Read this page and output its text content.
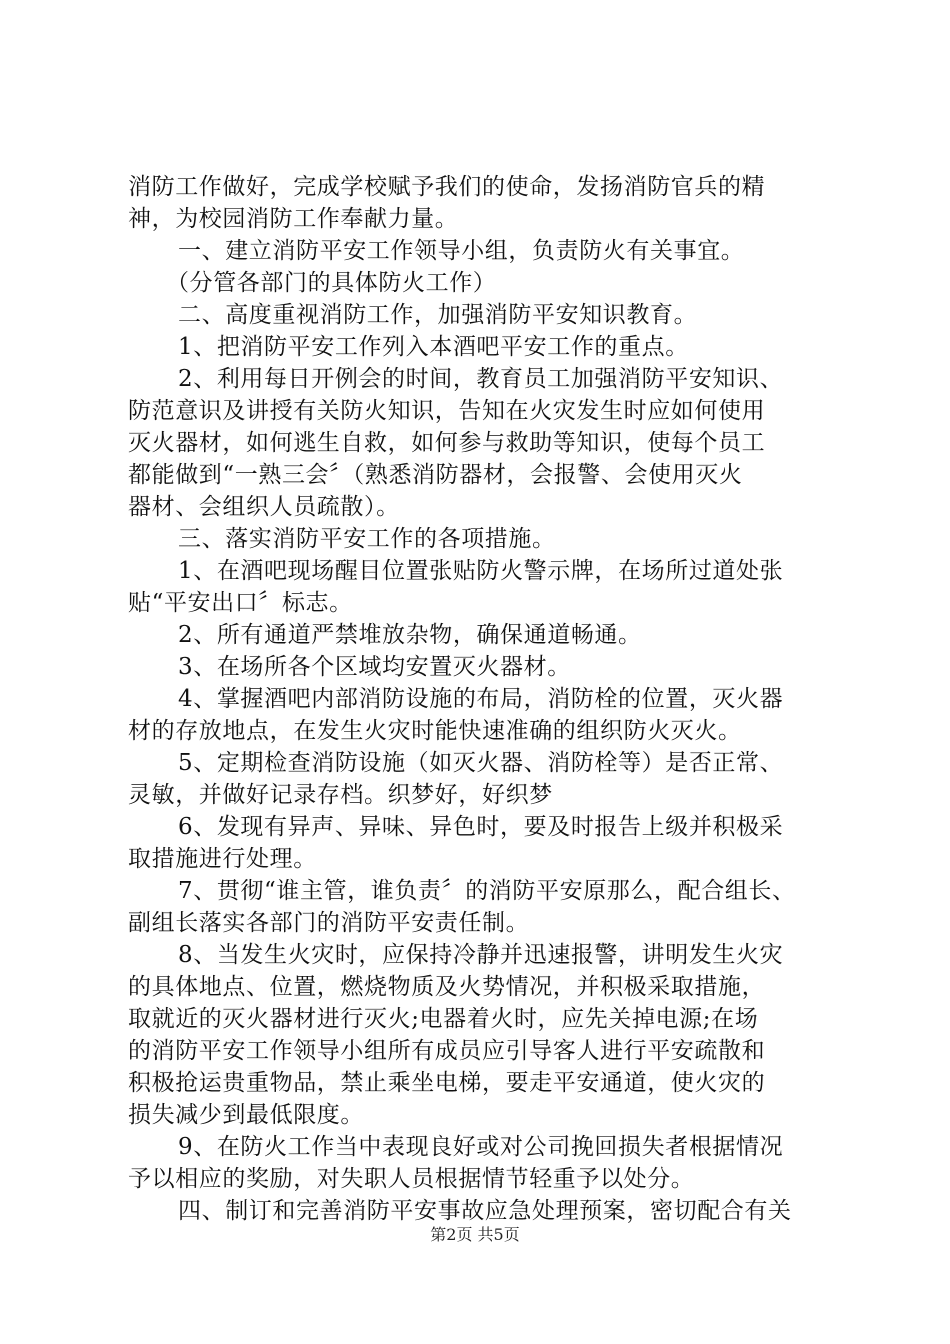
消防工作做好，完成学校赋予我们的使命，发扬消防官兵的精
神，为校园消防工作奉献力量。
一、建立消防平安工作领导小组，负责防火有关事宜。
（分管各部门的具体防火工作）
二、高度重视消防工作，加强消防平安知识教育。
1、把消防平安工作列入本酒吧平安工作的重点。
2、利用每日开例会的时间，教育员工加强消防平安知识、
防范意识及讲授有关防火知识，告知在火灾发生时应如何使用
灭火器材，如何逃生自救，如何参与救助等知识，使每个员工
都能做到“一熟三会〞（熟悉消防器材，会报警、会使用灭火
器材、会组织人员疏散）。
三、落实消防平安工作的各项措施。
1、在酒吧现场醒目位置张贴防火警示牌，在场所过道处张
贴“平安出口〞标志。
2、所有通道严禁堆放杂物，确保通道畅通。
3、在场所各个区域均安置灭火器材。
4、掌握酒吧内部消防设施的布局，消防栓的位置，灭火器
材的存放地点，在发生火灾时能快速准确的组织防火灭火。
5、定期检查消防设施（如灭火器、消防栓等）是否正常、
灵敏，并做好记录存档。织梦好，好织梦
6、发现有异声、异味、异色时，要及时报告上级并积极采
取措施进行处理。
7、贯彻“谁主管，谁负责〞的消防平安原那么，配合组长、
副组长落实各部门的消防平安责任制。
8、当发生火灾时，应保持冷静并迅速报警，讲明发生火灾
的具体地点、位置，燃烧物质及火势情况，并积极采取措施，
取就近的灭火器材进行灭火;电器着火时，应先关掉电源;在场
的消防平安工作领导小组所有成员应引导客人进行平安疏散和
积极抢运贵重物品，禁止乘坐电梯，要走平安通道，使火灾的
损失减少到最低限度。
9、在防火工作当中表现良好或对公司挽回损失者根据情况
予以相应的奖励，对失职人员根据情节轻重予以处分。
四、制订和完善消防平安事故应急处理预案，密切配合有关
第2页 共5页
